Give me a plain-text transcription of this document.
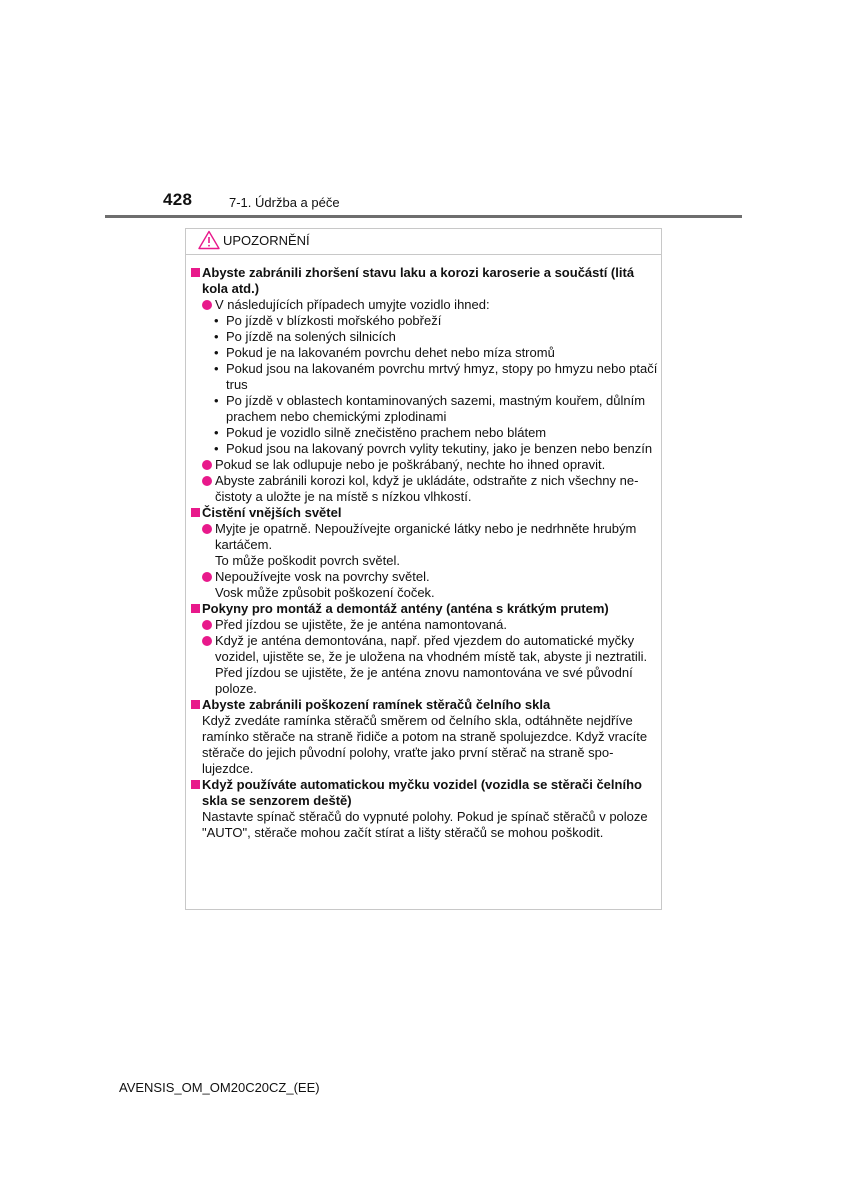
428	7-1. Údržba a péče
UPOZORNĚNÍ

Abyste zabránili zhoršení stavu laku a korozi karoserie a součástí (litá kola atd.)

V následujících případech umyjte vozidlo ihned:

• Po jízdě v blízkosti mořského pobřeží

• Po jízdě na solených silnicích

• Pokud je na lakovaném povrchu dehet nebo míza stromů

• Pokud jsou na lakovaném povrchu mrtvý hmyz, stopy po hmyzu nebo ptačí trus

• Po jízdě v oblastech kontaminovaných sazemi, mastným kouřem, důlním prachem nebo chemickými zplodinami

• Pokud je vozidlo silně znečistěno prachem nebo blátem

• Pokud jsou na lakovaný povrch vylity tekutiny, jako je benzen nebo benzín

Pokud se lak odlupuje nebo je poškrábaný, nechte ho ihned opravit.

Abyste zabránili korozi kol, když je ukládáte, odstraňte z nich všechny nečistoty a uložte je na místě s nízkou vlhkostí.

Čistění vnějších světel

Myjte je opatrně. Nepoužívejte organické látky nebo je nedrhněte hrubým kartáčem.
To může poškodit povrch světel.

Nepoužívejte vosk na povrchy světel.
Vosk může způsobit poškození čoček.

Pokyny pro montáž a demontáž antény (anténa s krátkým prutem)

Před jízdou se ujistěte, že je anténa namontovaná.

Když je anténa demontována, např. před vjezdem do automatické myčky vozidel, ujistěte se, že je uložena na vhodném místě tak, abyste ji neztratili. Před jízdou se ujistěte, že je anténa znovu namontována ve své původní poloze.

Abyste zabránili poškození ramínek stěračů čelního skla

Když zvedáte ramínka stěračů směrem od čelního skla, odtáhněte nejdříve ramínko stěrače na straně řidiče a potom na straně spolujezdce. Když vracíte stěrače do jejich původní polohy, vraťte jako první stěrač na straně spolujezdce.

Když používáte automatickou myčku vozidel (vozidla se stěrači čelního skla se senzorem deště)

Nastavte spínač stěračů do vypnuté polohy. Pokud je spínač stěračů v poloze "AUTO", stěrače mohou začít stírat a lišty stěračů se mohou poškodit.

AVENSIS_OM_OM20C20CZ_(EE)
